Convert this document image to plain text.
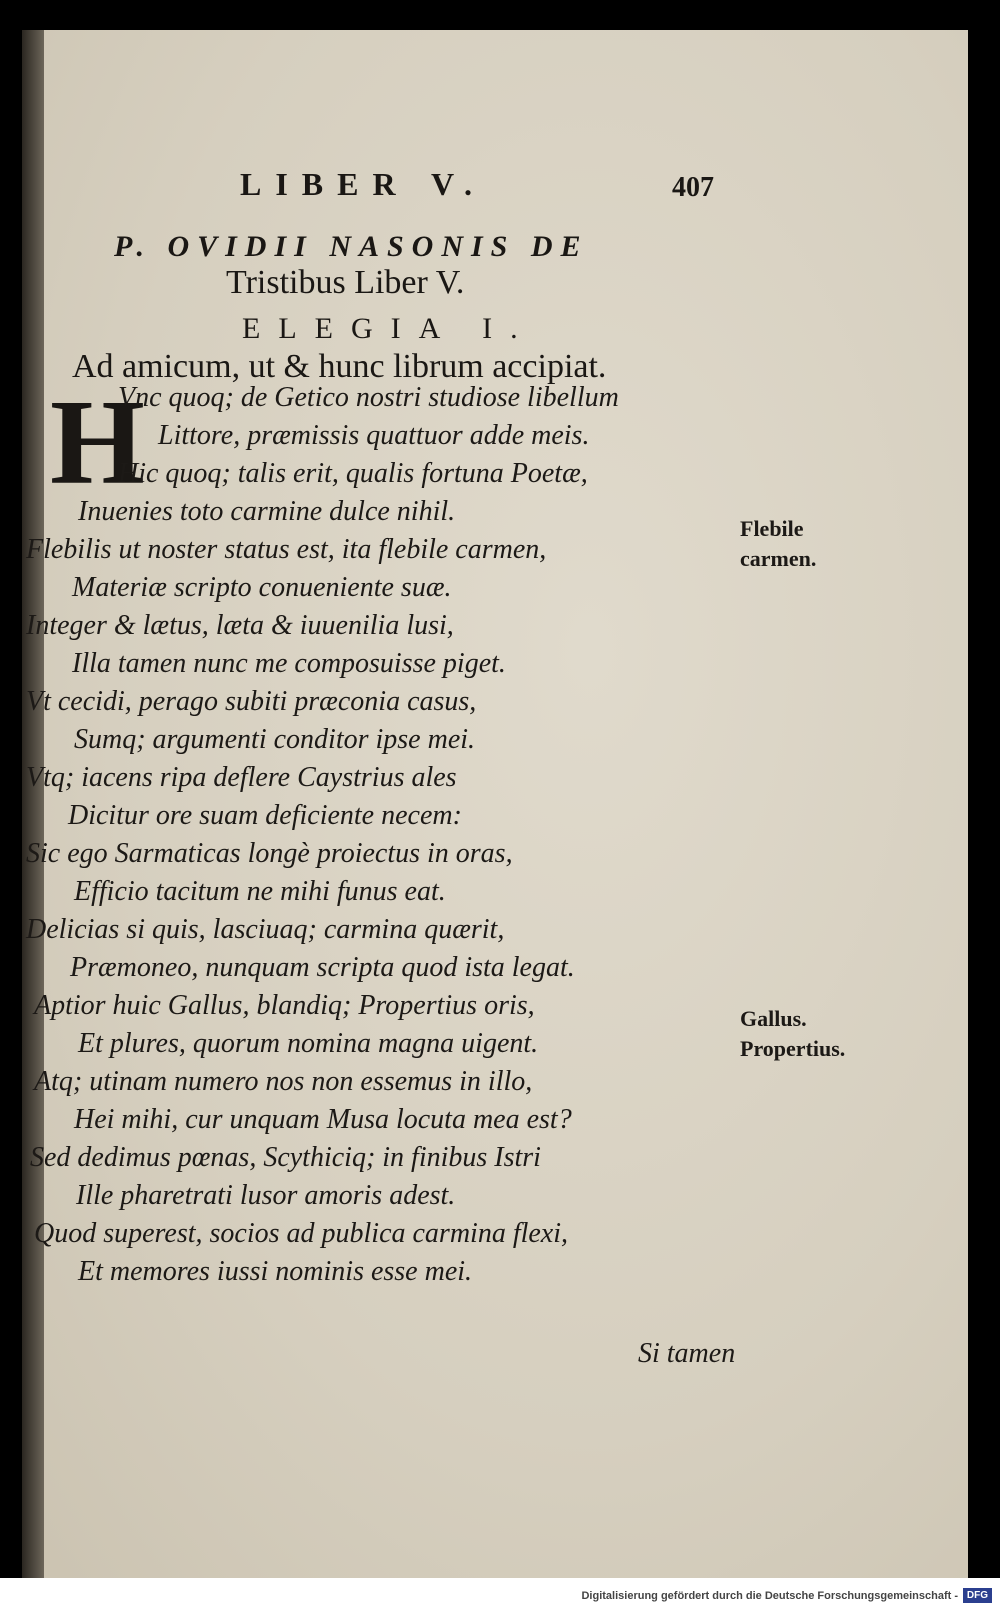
LIBER V.	407
P. OVIDII NASONIS DE
Tristibus Liber V.
ELEGIA I.
Ad amicum, ut & hunc librum accipiat.
H
Vnc quoq; de Getico nostri studiose libellum
Littore, præmissis quattuor adde meis.
Hic quoq; talis erit, qualis fortuna Poetæ,
Inuenies toto carmine dulce nihil.
Flebilis ut noster status est, ita flebile carmen,
Materiæ scripto conueniente suæ.
Integer & lætus, læta & iuuenilia lusi,
Illa tamen nunc me composuisse piget.
Vt cecidi, perago subiti præconia casus,
Sumq; argumenti conditor ipse mei.
Vtq; iacens ripa deflere Caystrius ales
Dicitur ore suam deficiente necem:
Sic ego Sarmaticas longè proiectus in oras,
Efficio tacitum ne mihi funus eat.
Delicias si quis, lasciuaq; carmina quærit,
Præmoneo, nunquam scripta quod ista legat.
Aptior huic Gallus, blandiq; Propertius oris,
Et plures, quorum nomina magna uigent.
Atq; utinam numero nos non essemus in illo,
Hei mihi, cur unquam Musa locuta mea est?
Sed dedimus pœnas, Scythiciq; in finibus Istri
Ille pharetrati lusor amoris adest.
Quod superest, socios ad publica carmina flexi,
Et memores iussi nominis esse mei.
Flebile
carmen.
Gallus.
Propertius.
Si tamen
Digitalisierung gefördert durch die Deutsche Forschungsgemeinschaft - DFG
